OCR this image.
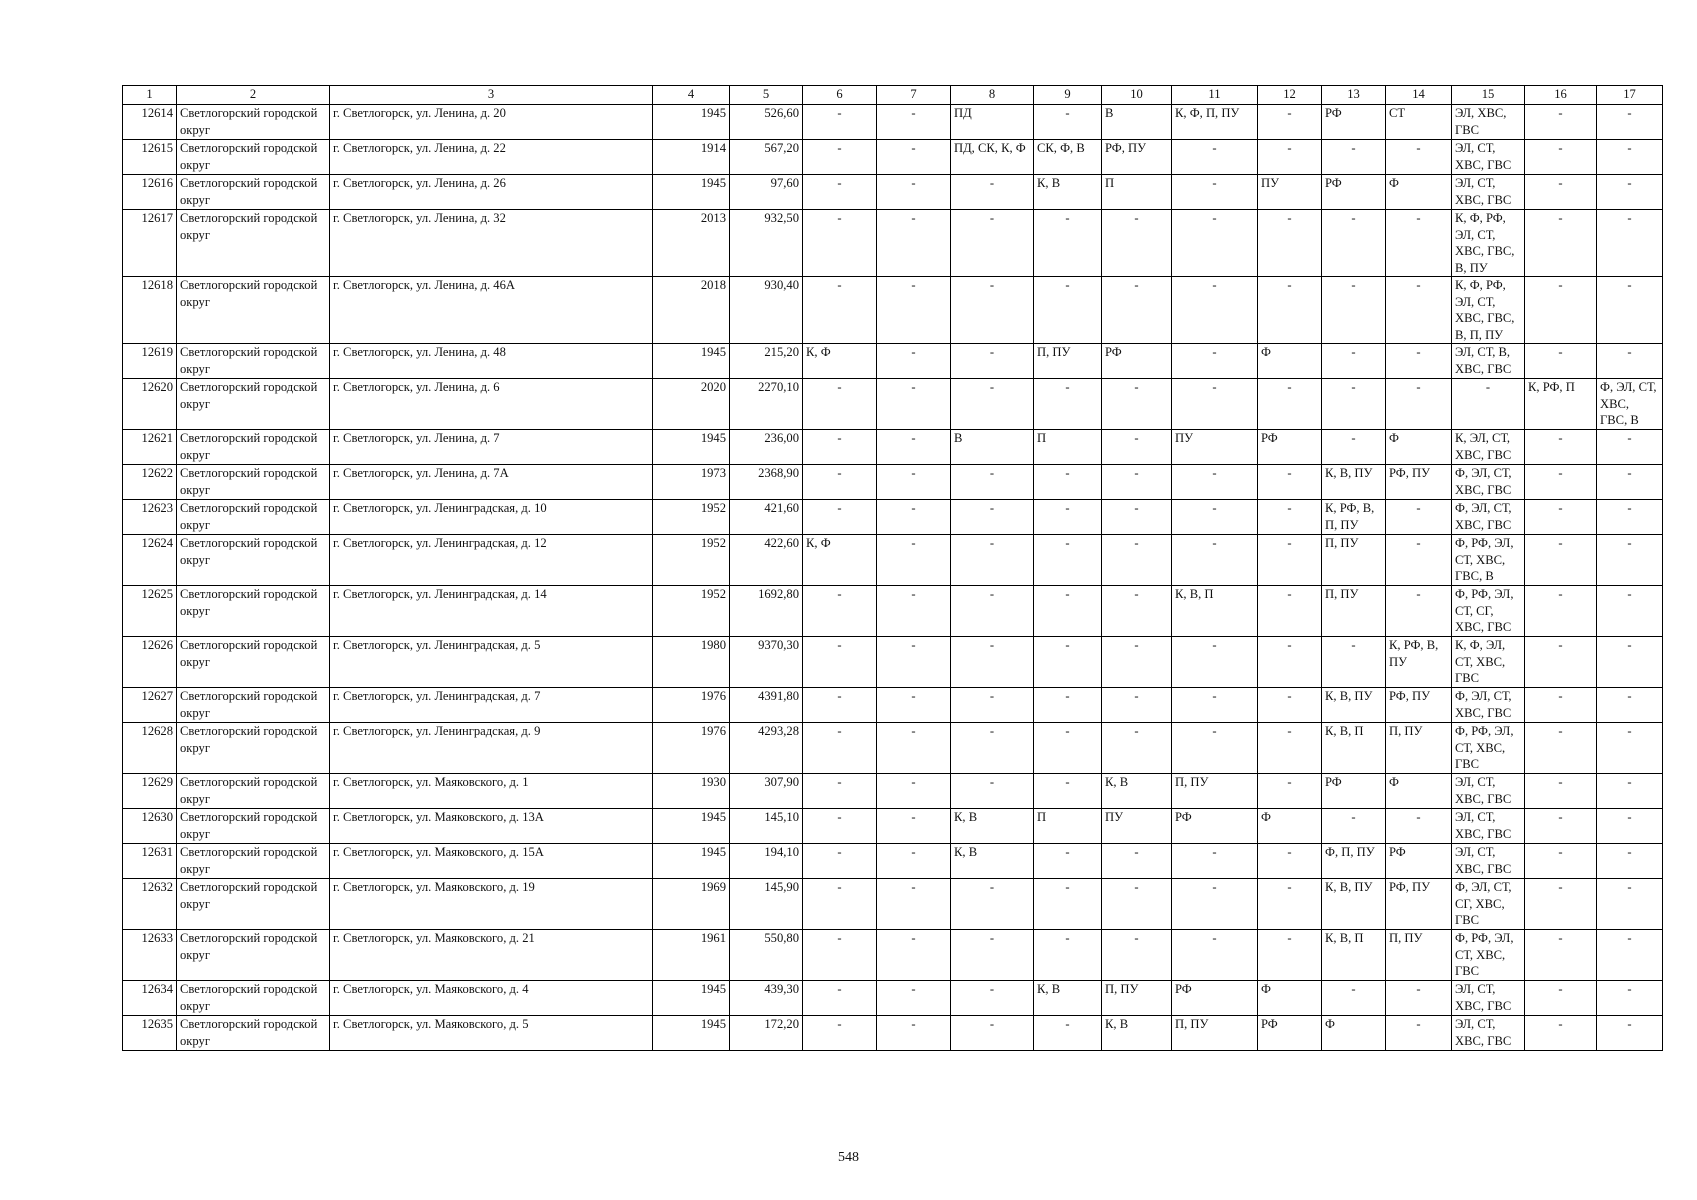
1	2	3	4	5	6	7	8	9	10	11	12	13	14	15	16	17
12614	Светлогорский городской округ	г. Светлогорск, ул. Ленина, д. 20	1945	526,60	-	-	ПД	-	В	К, Ф, П, ПУ	-	РФ	СТ	ЭЛ, ХВС, ГВС	-	-
12615	Светлогорский городской округ	г. Светлогорск, ул. Ленина, д. 22	1914	567,20	-	-	ПД, СК, К, Ф	СК, Ф, В	РФ, ПУ	-	-	-	-	ЭЛ, СТ, ХВС, ГВС	-	-
12616	Светлогорский городской округ	г. Светлогорск, ул. Ленина, д. 26	1945	97,60	-	-	-	К, В	П	-	ПУ	РФ	Ф	ЭЛ, СТ, ХВС, ГВС	-	-
12617	Светлогорский городской округ	г. Светлогорск, ул. Ленина, д. 32	2013	932,50	-	-	-	-	-	-	-	-	-	К, Ф, РФ, ЭЛ, СТ, ХВС, ГВС, В, ПУ	-	-
12618	Светлогорский городской округ	г. Светлогорск, ул. Ленина, д. 46А	2018	930,40	-	-	-	-	-	-	-	-	-	К, Ф, РФ, ЭЛ, СТ, ХВС, ГВС, В, П, ПУ	-	-
12619	Светлогорский городской округ	г. Светлогорск, ул. Ленина, д. 48	1945	215,20	К, Ф	-	-	П, ПУ	РФ	-	Ф	-	-	ЭЛ, СТ, В, ХВС, ГВС	-	-
12620	Светлогорский городской округ	г. Светлогорск, ул. Ленина, д. 6	2020	2270,10	-	-	-	-	-	-	-	-	-	-	К, РФ, П	Ф, ЭЛ, СТ, ХВС, ГВС, В
12621	Светлогорский городской округ	г. Светлогорск, ул. Ленина, д. 7	1945	236,00	-	-	В	П	-	ПУ	РФ	-	Ф	К, ЭЛ, СТ, ХВС, ГВС	-	-
12622	Светлогорский городской округ	г. Светлогорск, ул. Ленина, д. 7А	1973	2368,90	-	-	-	-	-	-	-	К, В, ПУ	РФ, ПУ	Ф, ЭЛ, СТ, ХВС, ГВС	-	-
12623	Светлогорский городской округ	г. Светлогорск, ул. Ленинградская, д. 10	1952	421,60	-	-	-	-	-	-	-	К, РФ, В, П, ПУ	-	Ф, ЭЛ, СТ, ХВС, ГВС	-	-
12624	Светлогорский городской округ	г. Светлогорск, ул. Ленинградская, д. 12	1952	422,60	К, Ф	-	-	-	-	-	-	П, ПУ	-	Ф, РФ, ЭЛ, СТ, ХВС, ГВС, В	-	-
12625	Светлогорский городской округ	г. Светлогорск, ул. Ленинградская, д. 14	1952	1692,80	-	-	-	-	-	К, В, П	-	П, ПУ	-	Ф, РФ, ЭЛ, СТ, СГ, ХВС, ГВС	-	-
12626	Светлогорский городской округ	г. Светлогорск, ул. Ленинградская, д. 5	1980	9370,30	-	-	-	-	-	-	-	-	К, РФ, В, ПУ	К, Ф, ЭЛ, СТ, ХВС, ГВС	-	-
12627	Светлогорский городской округ	г. Светлогорск, ул. Ленинградская, д. 7	1976	4391,80	-	-	-	-	-	-	-	К, В, ПУ	РФ, ПУ	Ф, ЭЛ, СТ, ХВС, ГВС	-	-
12628	Светлогорский городской округ	г. Светлогорск, ул. Ленинградская, д. 9	1976	4293,28	-	-	-	-	-	-	-	К, В, П	П, ПУ	Ф, РФ, ЭЛ, СТ, ХВС, ГВС	-	-
12629	Светлогорский городской округ	г. Светлогорск, ул. Маяковского, д. 1	1930	307,90	-	-	-	-	К, В	П, ПУ	-	РФ	Ф	ЭЛ, СТ, ХВС, ГВС	-	-
12630	Светлогорский городской округ	г. Светлогорск, ул. Маяковского, д. 13А	1945	145,10	-	-	К, В	П	ПУ	РФ	Ф	-	-	ЭЛ, СТ, ХВС, ГВС	-	-
12631	Светлогорский городской округ	г. Светлогорск, ул. Маяковского, д. 15А	1945	194,10	-	-	К, В	-	-	-	-	Ф, П, ПУ	РФ	ЭЛ, СТ, ХВС, ГВС	-	-
12632	Светлогорский городской округ	г. Светлогорск, ул. Маяковского, д. 19	1969	145,90	-	-	-	-	-	-	-	К, В, ПУ	РФ, ПУ	Ф, ЭЛ, СТ, СГ, ХВС, ГВС	-	-
12633	Светлогорский городской округ	г. Светлогорск, ул. Маяковского, д. 21	1961	550,80	-	-	-	-	-	-	-	К, В, П	П, ПУ	Ф, РФ, ЭЛ, СТ, ХВС, ГВС	-	-
12634	Светлогорский городской округ	г. Светлогорск, ул. Маяковского, д. 4	1945	439,30	-	-	-	К, В	П, ПУ	РФ	Ф	-	-	ЭЛ, СТ, ХВС, ГВС	-	-
12635	Светлогорский городской округ	г. Светлогорск, ул. Маяковского, д. 5	1945	172,20	-	-	-	-	К, В	П, ПУ	РФ	Ф	-	ЭЛ, СТ, ХВС, ГВС	-	-
548
